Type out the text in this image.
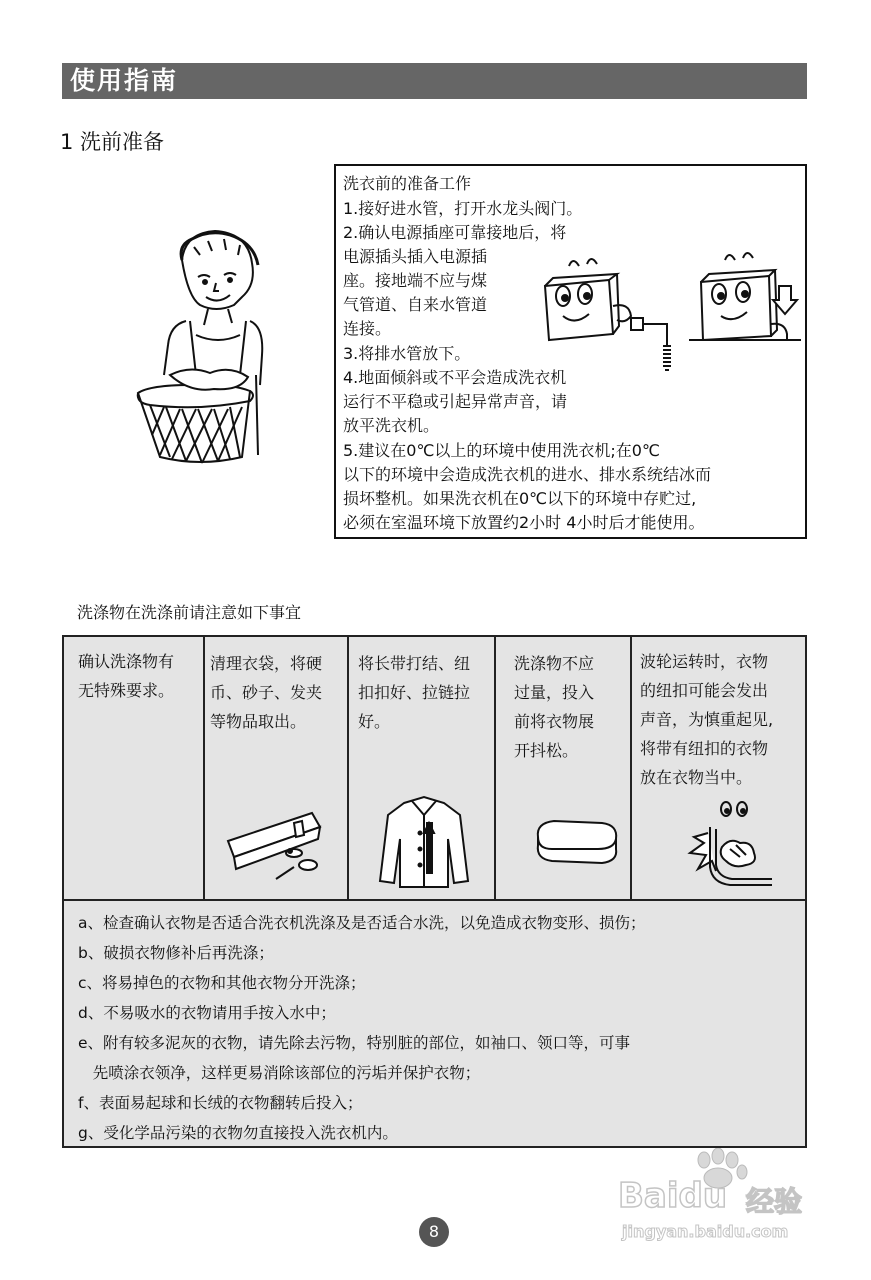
使用指南
1 洗前准备
洗衣前的准备工作
1.接好进水管，打开水龙头阀门。
2.确认电源插座可靠接地后，将
电源插头插入电源插
座。接地端不应与煤
气管道、自来水管道
连接。
3.将排水管放下。
4.地面倾斜或不平会造成洗衣机
运行不平稳或引起异常声音，请
放平洗衣机。
5.建议在0℃以上的环境中使用洗衣机;在0℃
以下的环境中会造成洗衣机的进水、排水系统结冰而
损坏整机。如果洗衣机在0℃以下的环境中存贮过,
必须在室温环境下放置约2小时 4小时后才能使用。
洗涤物在洗涤前请注意如下事宜
确认洗涤物有
无特殊要求。
清理衣袋，将硬
币、砂子、发夹
等物品取出。
将长带打结、纽
扣扣好、拉链拉
好。
洗涤物不应
过量，投入
前将衣物展
开抖松。
波轮运转时，衣物
的纽扣可能会发出
声音，为慎重起见,
将带有纽扣的衣物
放在衣物当中。
a、检查确认衣物是否适合洗衣机洗涤及是否适合水洗，以免造成衣物变形、损伤；
b、破损衣物修补后再洗涤；
c、将易掉色的衣物和其他衣物分开洗涤；
d、不易吸水的衣物请用手按入水中；
e、附有较多泥灰的衣物，请先除去污物，特别脏的部位，如袖口、领口等，可事
先喷涂衣领净，这样更易消除该部位的污垢并保护衣物；
f、表面易起球和长绒的衣物翻转后投入；
g、受化学品污染的衣物勿直接投入洗衣机内。
8
Baidu 经验
jingyan.baidu.com
